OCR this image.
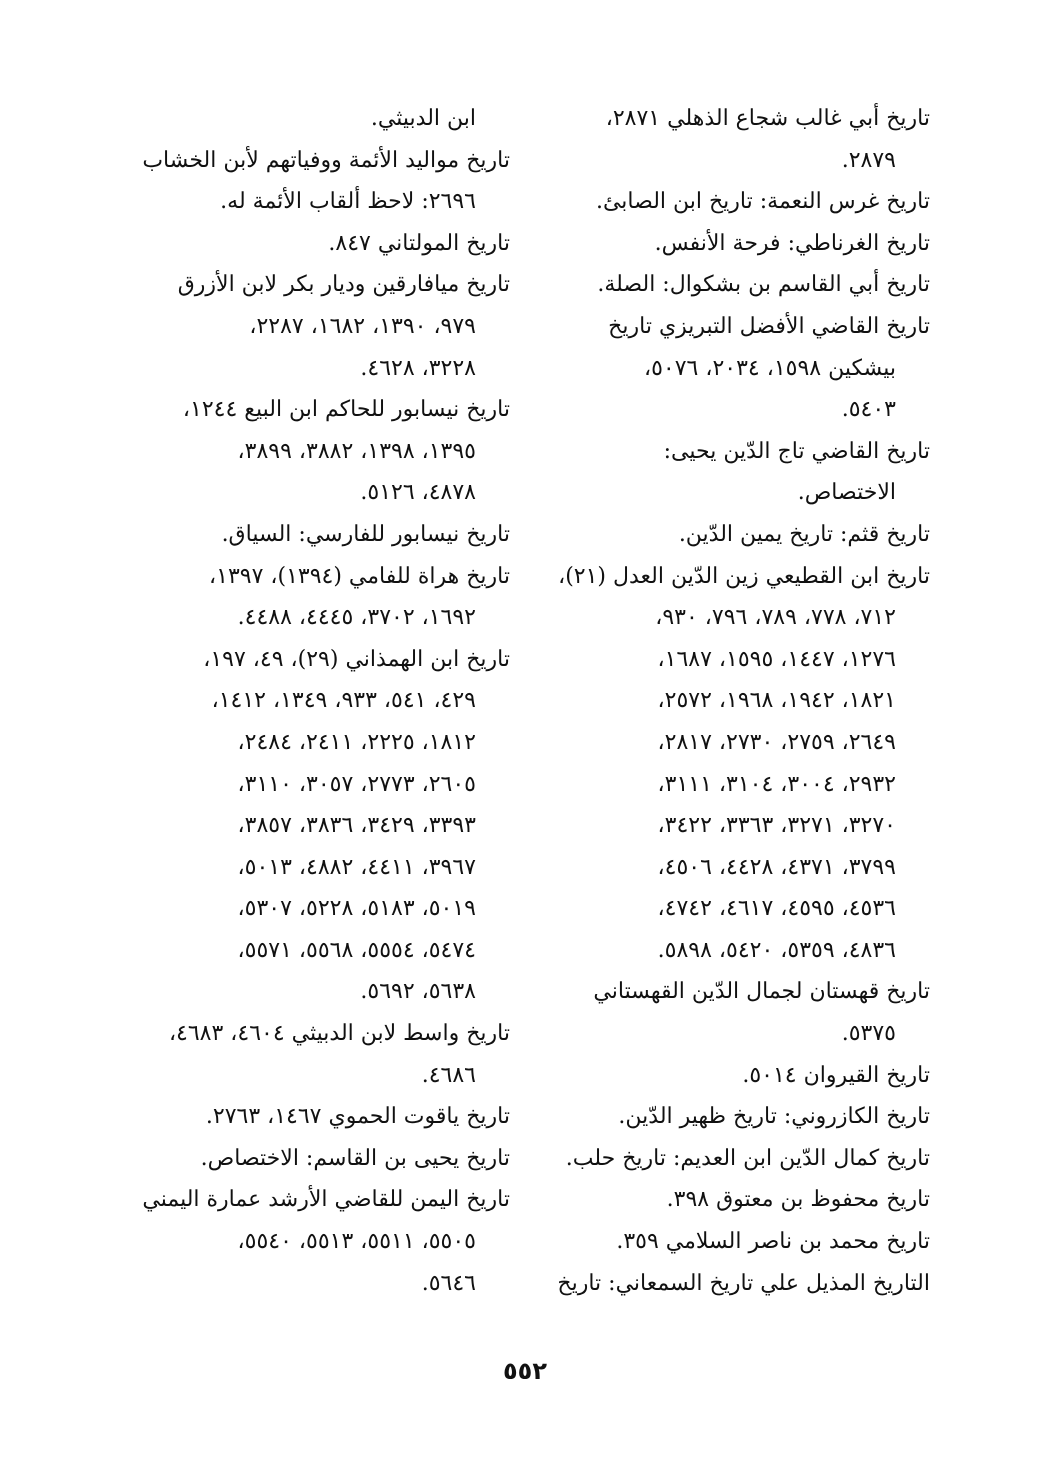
تاريخ أبي غالب شجاع الذهلي ٢٨٧١،
٢٨٧٩.
تاريخ غرس النعمة: تاريخ ابن الصابئ.
تاريخ الغرناطي: فرحة الأنفس.
تاريخ أبي القاسم بن بشكوال: الصلة.
تاريخ القاضي الأفضل التبريزي تاريخ
بيشكين ١٥٩٨، ٢٠٣٤، ٥٠٧٦،
٥٤٠٣.
تاريخ القاضي تاج الدّين يحيى:
الاختصاص.
تاريخ قثم: تاريخ يمين الدّين.
تاريخ ابن القطيعي زين الدّين العدل (٢١)،
٧١٢، ٧٧٨، ٧٨٩، ٧٩٦، ٩٣٠،
١٢٧٦، ١٤٤٧، ١٥٩٥، ١٦٨٧،
١٨٢١، ١٩٤٢، ١٩٦٨، ٢٥٧٢،
٢٦٤٩، ٢٧٥٩، ٢٧٣٠، ٢٨١٧،
٢٩٣٢، ٣٠٠٤، ٣١٠٤، ٣١١١،
٣٢٧٠، ٣٢٧١، ٣٣٦٣، ٣٤٢٢،
٣٧٩٩، ٤٣٧١، ٤٤٢٨، ٤٥٠٦،
٤٥٣٦، ٤٥٩٥، ٤٦١٧، ٤٧٤٢،
٤٨٣٦، ٥٣٥٩، ٥٤٢٠، ٥٨٩٨.
تاريخ قهستان لجمال الدّين القهستاني
٥٣٧٥.
تاريخ القيروان ٥٠١٤.
تاريخ الكازروني: تاريخ ظهير الدّين.
تاريخ كمال الدّين ابن العديم: تاريخ حلب.
تاريخ محفوظ بن معتوق ٣٩٨.
تاريخ محمد بن ناصر السلامي ٣٥٩.
التاريخ المذيل علي تاريخ السمعاني: تاريخ
ابن الدبيثي.
تاريخ مواليد الأئمة ووفياتهم لأبن الخشاب
٢٦٩٦: لاحظ ألقاب الأئمة له.
تاريخ المولتاني ٨٤٧.
تاريخ ميافارقين وديار بكر لابن الأزرق
٩٧٩، ١٣٩٠، ١٦٨٢، ٢٢٨٧،
٣٢٢٨، ٤٦٢٨.
تاريخ نيسابور للحاكم ابن البيع ١٢٤٤،
١٣٩٥، ١٣٩٨، ٣٨٨٢، ٣٨٩٩،
٤٨٧٨، ٥١٢٦.
تاريخ نيسابور للفارسي: السياق.
تاريخ هراة للفامي (١٣٩٤)، ١٣٩٧،
١٦٩٢، ٣٧٠٢، ٤٤٤٥، ٤٤٨٨.
تاريخ ابن الهمذاني (٢٩)، ٤٩، ١٩٧،
٤٢٩، ٥٤١، ٩٣٣، ١٣٤٩، ١٤١٢،
١٨١٢، ٢٢٢٥، ٢٤١١، ٢٤٨٤،
٢٦٠٥، ٢٧٧٣، ٣٠٥٧، ٣١١٠،
٣٣٩٣، ٣٤٢٩، ٣٨٣٦، ٣٨٥٧،
٣٩٦٧، ٤٤١١، ٤٨٨٢، ٥٠١٣،
٥٠١٩، ٥١٨٣، ٥٢٢٨، ٥٣٠٧،
٥٤٧٤، ٥٥٥٤، ٥٥٦٨، ٥٥٧١،
٥٦٣٨، ٥٦٩٢.
تاريخ واسط لابن الدبيثي ٤٦٠٤، ٤٦٨٣،
٤٦٨٦.
تاريخ ياقوت الحموي ١٤٦٧، ٢٧٦٣.
تاريخ يحيى بن القاسم: الاختصاص.
تاريخ اليمن للقاضي الأرشد عمارة اليمني
٥٥٠٥، ٥٥١١، ٥٥١٣، ٥٥٤٠،
٥٦٤٦.
٥٥٢
